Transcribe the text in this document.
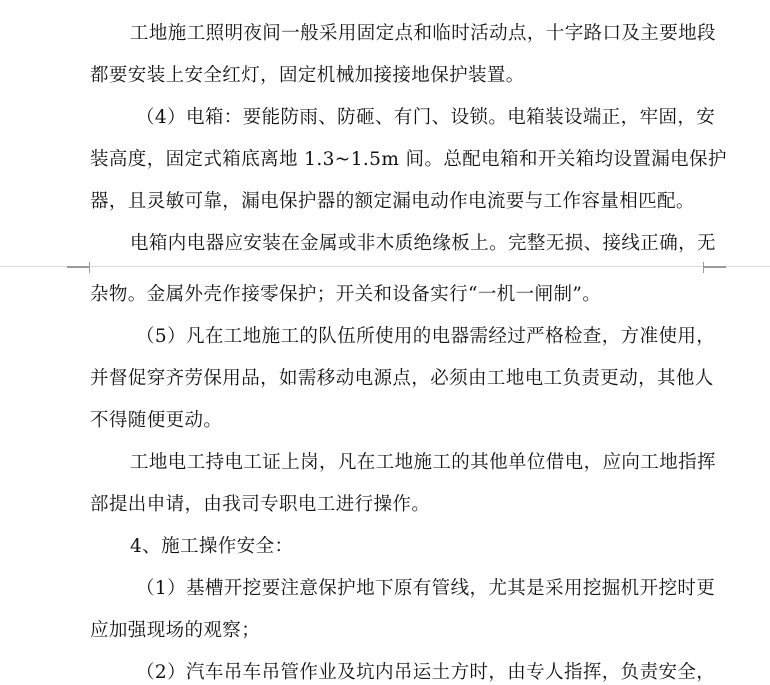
工地施工照明夜间一般采用固定点和临时活动点，十字路口及主要地段
都要安装上安全红灯，固定机械加接接地保护装置。
（4）电箱：要能防雨、防砸、有门、设锁。电箱装设端正，牢固，安
装高度，固定式箱底离地 1.3~1.5m 间。总配电箱和开关箱均设置漏电保护
器，且灵敏可靠，漏电保护器的额定漏电动作电流要与工作容量相匹配。
电箱内电器应安装在金属或非木质绝缘板上。完整无损、接线正确，无
杂物。金属外壳作接零保护；开关和设备实行“一机一闸制”。
（5）凡在工地施工的队伍所使用的电器需经过严格检查，方准使用，
并督促穿齐劳保用品，如需移动电源点，必须由工地电工负责更动，其他人
不得随便更动。
工地电工持电工证上岗，凡在工地施工的其他单位借电，应向工地指挥
部提出申请，由我司专职电工进行操作。
4、施工操作安全：
（1）基槽开挖要注意保护地下原有管线，尤其是采用挖掘机开挖时更
应加强现场的观察；
（2）汽车吊车吊管作业及坑内吊运土方时，由专人指挥，负责安全，
